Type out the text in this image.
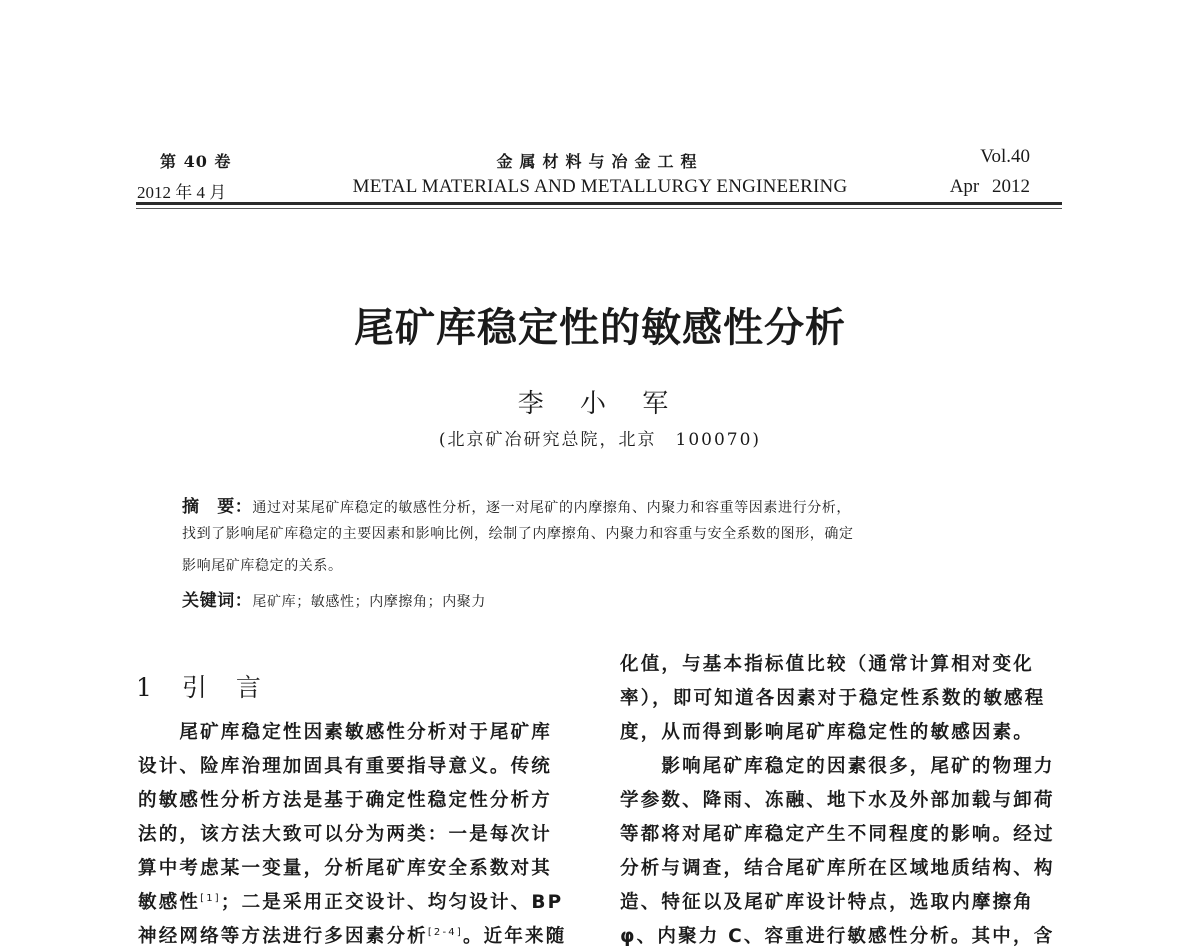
第 40 卷
2012 年 4 月
金属材料与冶金工程
METAL MATERIALS AND METALLURGY ENGINEERING
Vol.40
Apr 2012
尾矿库稳定性的敏感性分析
李 小 军
(北京矿冶研究总院，北京　100070)
摘　要：通过对某尾矿库稳定的敏感性分析，逐一对尾矿的内摩擦角、内聚力和容重等因素进行分析，
找到了影响尾矿库稳定的主要因素和影响比例，绘制了内摩擦角、内聚力和容重与安全系数的图形，确定
影响尾矿库稳定的关系。
关键词：尾矿库；敏感性；内摩擦角；内聚力
1 引　言
　　尾矿库稳定性因素敏感性分析对于尾矿库
设计、险库治理加固具有重要指导意义。传统
的敏感性分析方法是基于确定性稳定性分析方
法的，该方法大致可以分为两类：一是每次计
算中考虑某一变量，分析尾矿库安全系数对其
敏感性[1]；二是采用正交设计、均匀设计、BP
神经网络等方法进行多因素分析[2-4]。近年来随
化值，与基本指标值比较（通常计算相对变化
率），即可知道各因素对于稳定性系数的敏感程
度，从而得到影响尾矿库稳定性的敏感因素。
　　影响尾矿库稳定的因素很多，尾矿的物理力
学参数、降雨、冻融、地下水及外部加载与卸荷
等都将对尾矿库稳定产生不同程度的影响。经过
分析与调查，结合尾矿库所在区域地质结构、构
造、特征以及尾矿库设计特点，选取内摩擦角
φ、内聚力 C、容重进行敏感性分析。其中，含
